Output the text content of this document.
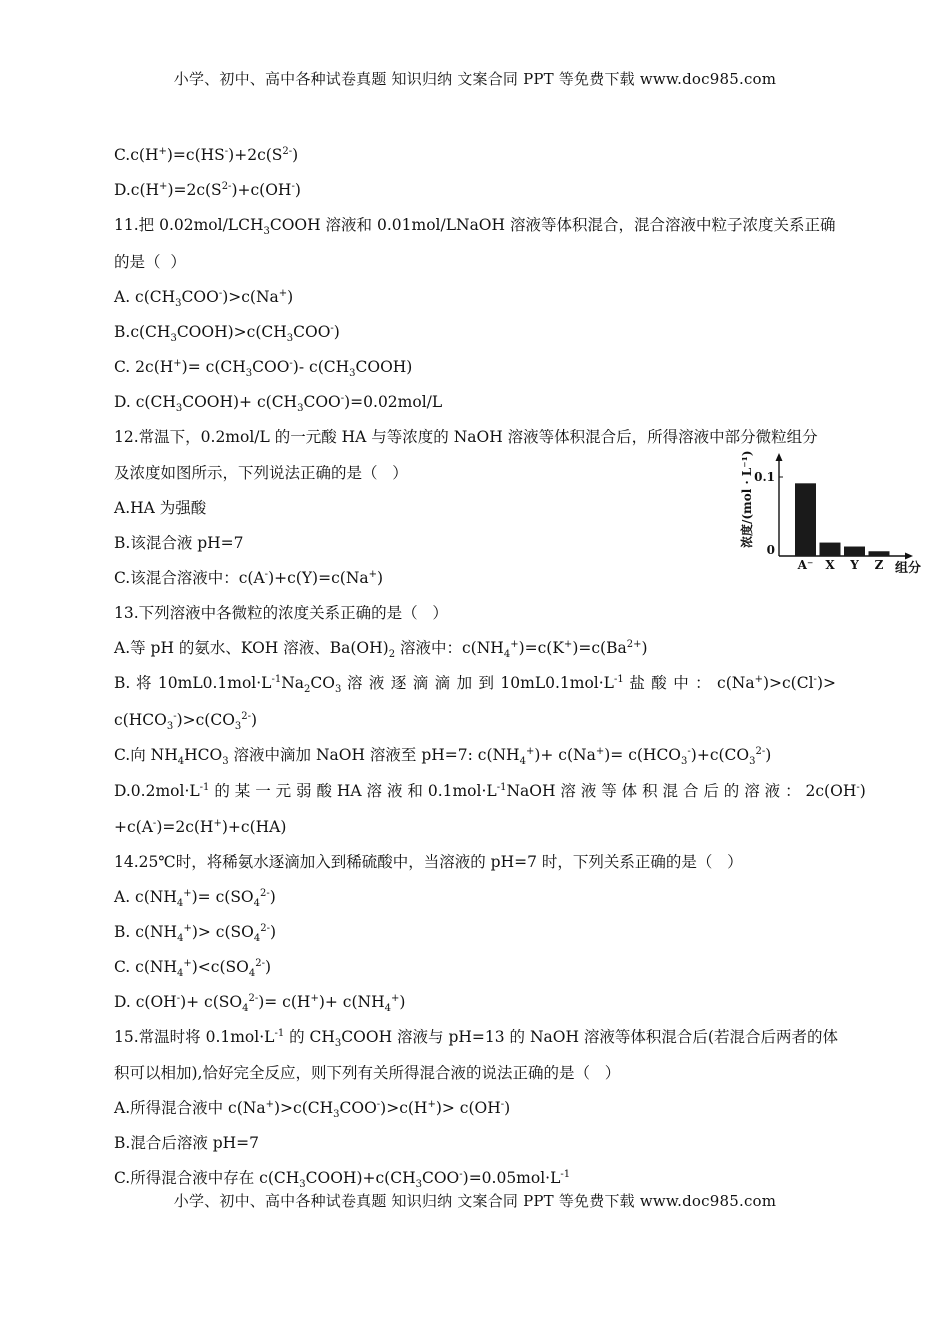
小学、初中、高中各种试卷真题 知识归纳 文案合同 PPT 等免费下载 www.doc985.com
$C.c(H^+)=c(HS^-)+2c(S^{2-})$
$D.c(H^+)=2c(S^{2-})+c(OH^-)$
11.把 $0.02mol/LCH_3COOH$ 溶液和 0.01mol/LNaOH 溶液等体积混合，混合溶液中粒子浓度关系正确
的是（  ）
A. $c(CH_3COO^-)>c(Na^+)$
$B.c(CH_3COOH)>c(CH_3COO^-)$
C. $2c(H^+)= c(CH_3COO^-)-$ $c(CH_3COOH)$
D. $c(CH_3COOH)+ c(CH_3COO^-)=0.02mol/L$
12.常温下，0.2mol/L 的一元酸 HA 与等浓度的 NaOH 溶液等体积混合后，所得溶液中部分微粒组分
及浓度如图所示，下列说法正确的是（   ）
A.HA 为强酸
B.该混合液 pH=7
C.该混合溶液中：c(A-)+c(Y)=c(Na+)
浓度/(mol · L⁻¹) 0.1
0
A⁻ X Y Z 组分
13.下列溶液中各微粒的浓度关系正确的是（   ）
A.等 pH 的氨水、KOH 溶液、$Ba(OH)_2$ 溶液中：$c(NH_4^+)=c(K^+)=c(Ba^{2+})$
B. 将 $10mL0.1mol\cdot L^{-1}Na_2CO_3$ 溶 液 逐 滴 滴 加 到 $10mL0.1mol\cdot L^{-1}$ 盐 酸 中 ： c(Na+)>c(Cl-)>
$c(HCO_3^-)>c(CO_3^{2-})$
C.向 $NH_4HCO_3$ 溶液中滴加 NaOH 溶液至 pH=7: $c(NH_4^+)+ c(Na^+)= c(HCO_3^-)+c(CO_3^{2-})$
$D.0.2mol\cdot L^{-1}$ 的 某 一 元 弱 酸 HA 溶 液 和 $0.1mol\cdot L^{-1}NaOH$ 溶 液 等 体 积 混 合 后 的 溶 液 ： 2c(OH-)
+c(A-)=2c(H+)+c(HA)
14.25℃时，将稀氨水逐滴加入到稀硫酸中，当溶液的 pH=7 时，下列关系正确的是（   ）
A. $c(NH_4^+)= c(SO_4^{2-})$
B. $c(NH_4^+)> c(SO_4^{2-})$
C. $c(NH_4^+)<c(SO_4^{2-})$
D. $c(OH^-)+ c(SO_4^{2-})= c(H^+)+ c(NH_4^+)$
15.常温时将 $0.1mol\cdot L^{-1}$ 的 $CH_3COOH$ 溶液与 pH=13 的 NaOH 溶液等体积混合后(若混合后两者的体
积可以相加),恰好完全反应，则下列有关所得混合液的说法正确的是（   ）
A.所得混合液中 $c(Na^+)>c(CH_3COO^-)>c(H^+)> c(OH^-)$
B.混合后溶液 pH=7
C.所得混合液中存在 $c(CH_3COOH)+c(CH_3COO^-)=0.05mol\cdot L^{-1}$
小学、初中、高中各种试卷真题 知识归纳 文案合同 PPT 等免费下载 www.doc985.com
